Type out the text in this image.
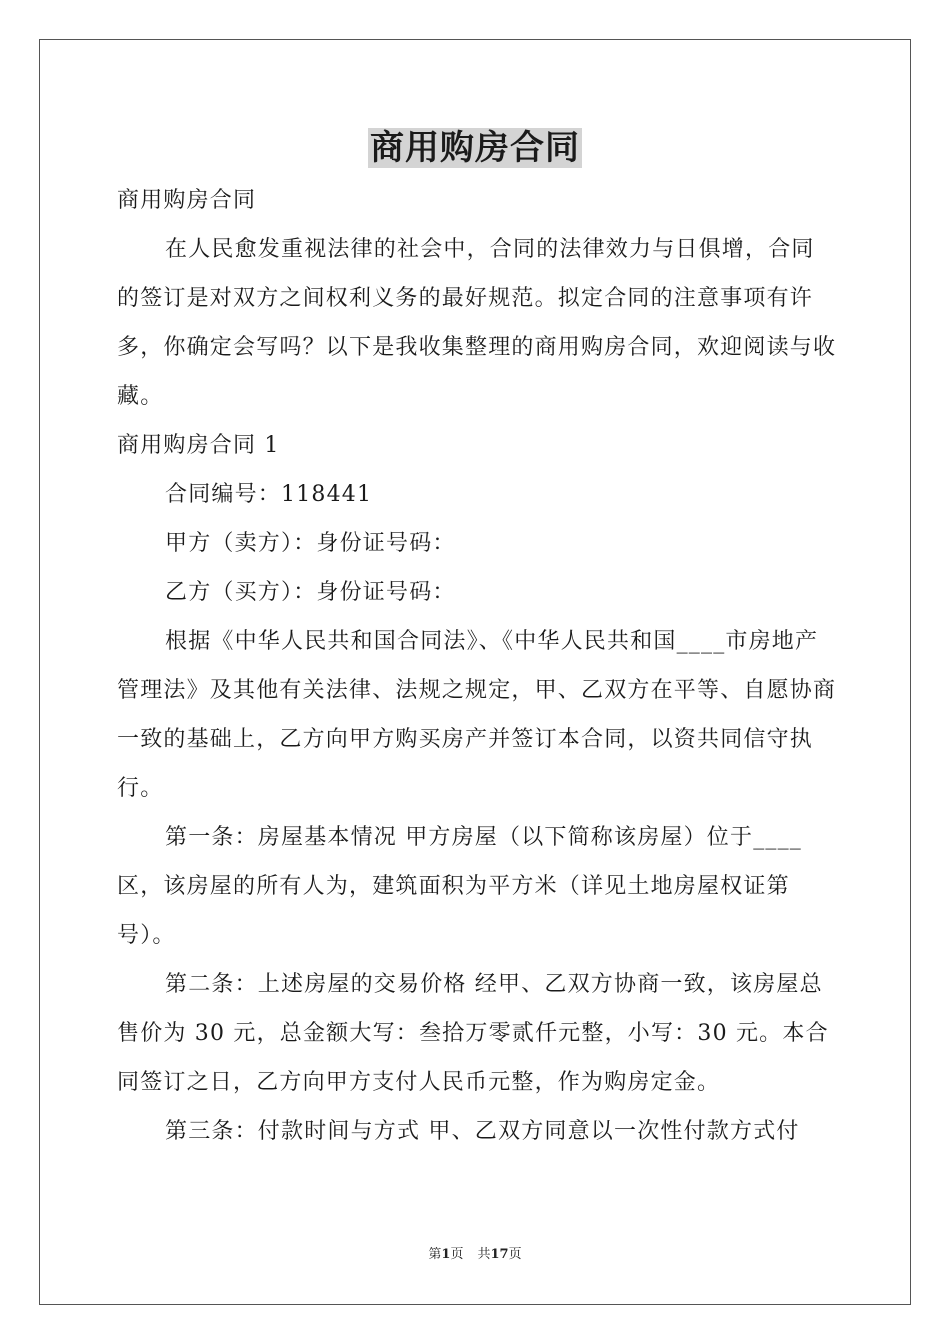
商用购房合同

商用购房合同

在人民愈发重视法律的社会中，合同的法律效力与日俱增，合同的签订是对双方之间权利义务的最好规范。拟定合同的注意事项有许多，你确定会写吗？以下是我收集整理的商用购房合同，欢迎阅读与收藏。

商用购房合同 1

合同编号：118441

甲方（卖方）：身份证号码：

乙方（买方）：身份证号码：

根据《中华人民共和国合同法》、《中华人民共和国____市房地产管理法》及其他有关法律、法规之规定，甲、乙双方在平等、自愿协商一致的基础上，乙方向甲方购买房产并签订本合同，以资共同信守执行。

第一条：房屋基本情况 甲方房屋（以下简称该房屋）位于____区，该房屋的所有人为，建筑面积为平方米（详见土地房屋权证第号）。

第二条：上述房屋的交易价格 经甲、乙双方协商一致，该房屋总售价为 30 元，总金额大写：叁拾万零贰仟元整，小写：30 元。本合同签订之日，乙方向甲方支付人民币元整，作为购房定金。

第三条：付款时间与方式 甲、乙双方同意以一次性付款方式付

第1页 共17页
